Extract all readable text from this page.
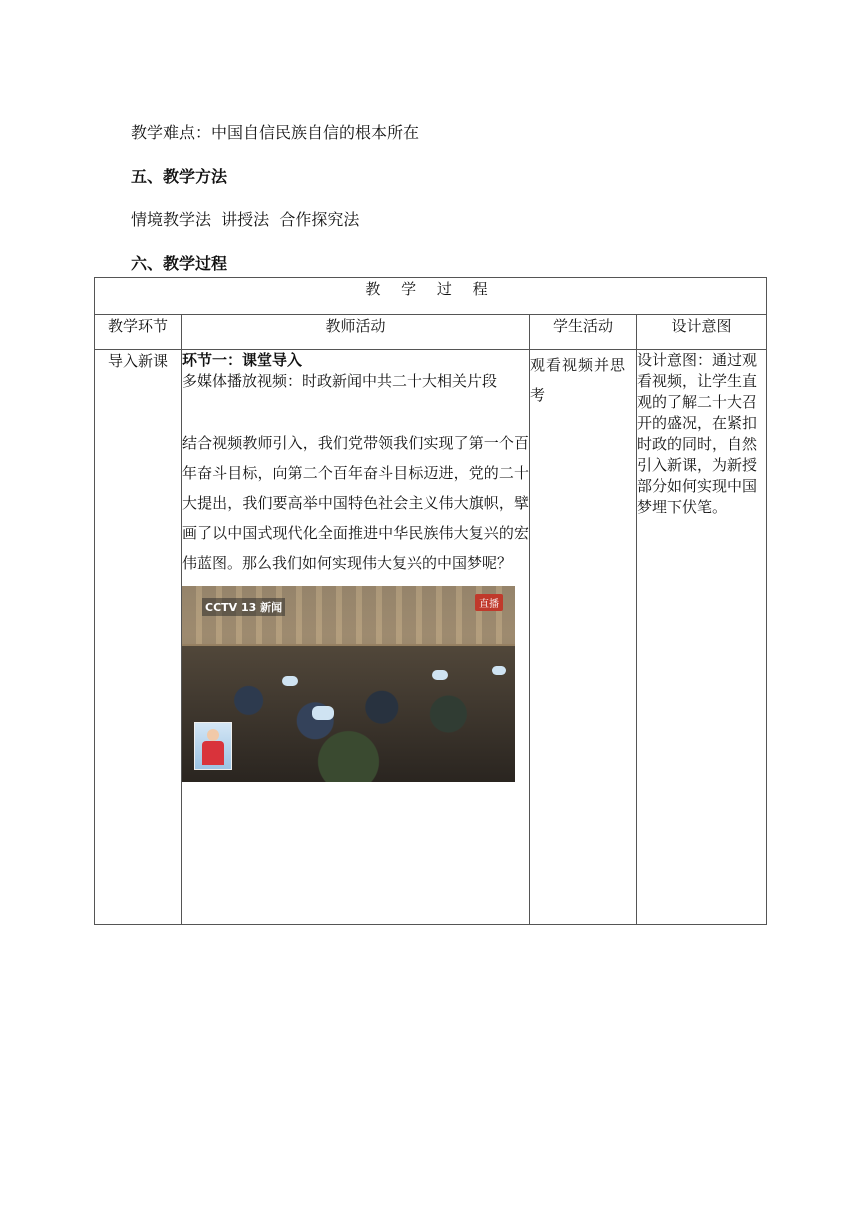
教学难点：中国自信民族自信的根本所在
五、教学方法
情境教学法  讲授法  合作探究法
六、教学过程
教 学 过 程			
教学环节	教师活动	学生活动	设计意图
导入新课	环节一：课堂导入
多媒体播放视频：时政新闻中共二十大相关片段
结合视频教师引入，我们党带领我们实现了第一个百年奋斗目标，向第二个百年奋斗目标迈进，党的二十大提出，我们要高举中国特色社会主义伟大旗帜，擘画了以中国式现代化全面推进中华民族伟大复兴的宏伟蓝图。那么我们如何实现伟大复兴的中国梦呢？
CCTV 13 新闻 直播	观看视频并思考	设计意图：通过观看视频，让学生直观的了解二十大召开的盛况，在紧扣时政的同时，自然引入新课，为新授部分如何实现中国梦埋下伏笔。
